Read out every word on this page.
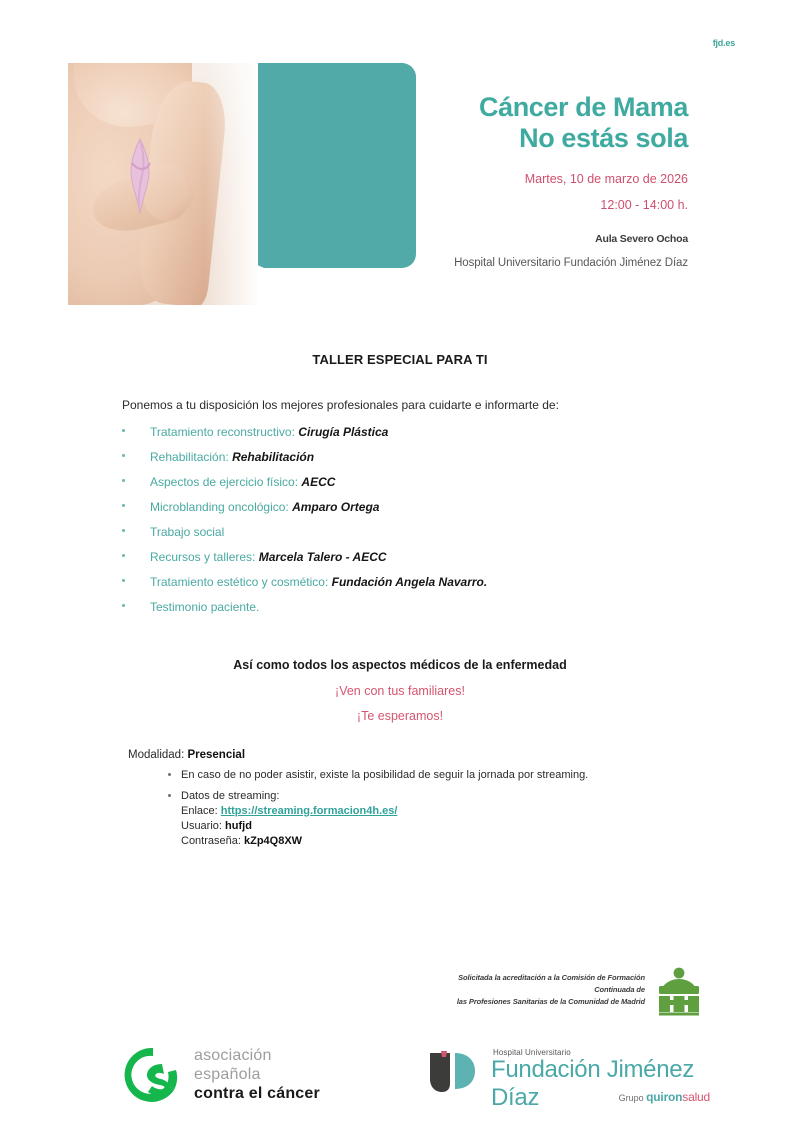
fjd.es
Cáncer de Mama
No estás sola
Martes, 10 de marzo de 2026
12:00 - 14:00 h.
Aula Severo Ochoa
Hospital Universitario Fundación Jiménez Díaz
TALLER ESPECIAL PARA TI
Ponemos a tu disposición los mejores profesionales para cuidarte e informarte de:
Tratamiento reconstructivo: Cirugía Plástica
Rehabilitación: Rehabilitación
Aspectos de ejercicio físico: AECC
Microblanding oncológico: Amparo Ortega
Trabajo social
Recursos y talleres: Marcela Talero - AECC
Tratamiento estético y cosmético: Fundación Angela Navarro.
Testimonio paciente.
Así como todos los aspectos médicos de la enfermedad
¡Ven con tus familiares!
¡Te esperamos!
Modalidad: Presencial
En caso de no poder asistir, existe la posibilidad de seguir la jornada por streaming.
Datos de streaming:
Enlace: https://streaming.formacion4h.es/
Usuario: hufjd
Contraseña: kZp4Q8XW
Solicitada la acreditación a la Comisión de Formación Continuada de
las Profesiones Sanitarias de la Comunidad de Madrid
asociación
española
contra el cáncer
Hospital Universitario
Fundación Jiménez Díaz	Grupo quironsalud
